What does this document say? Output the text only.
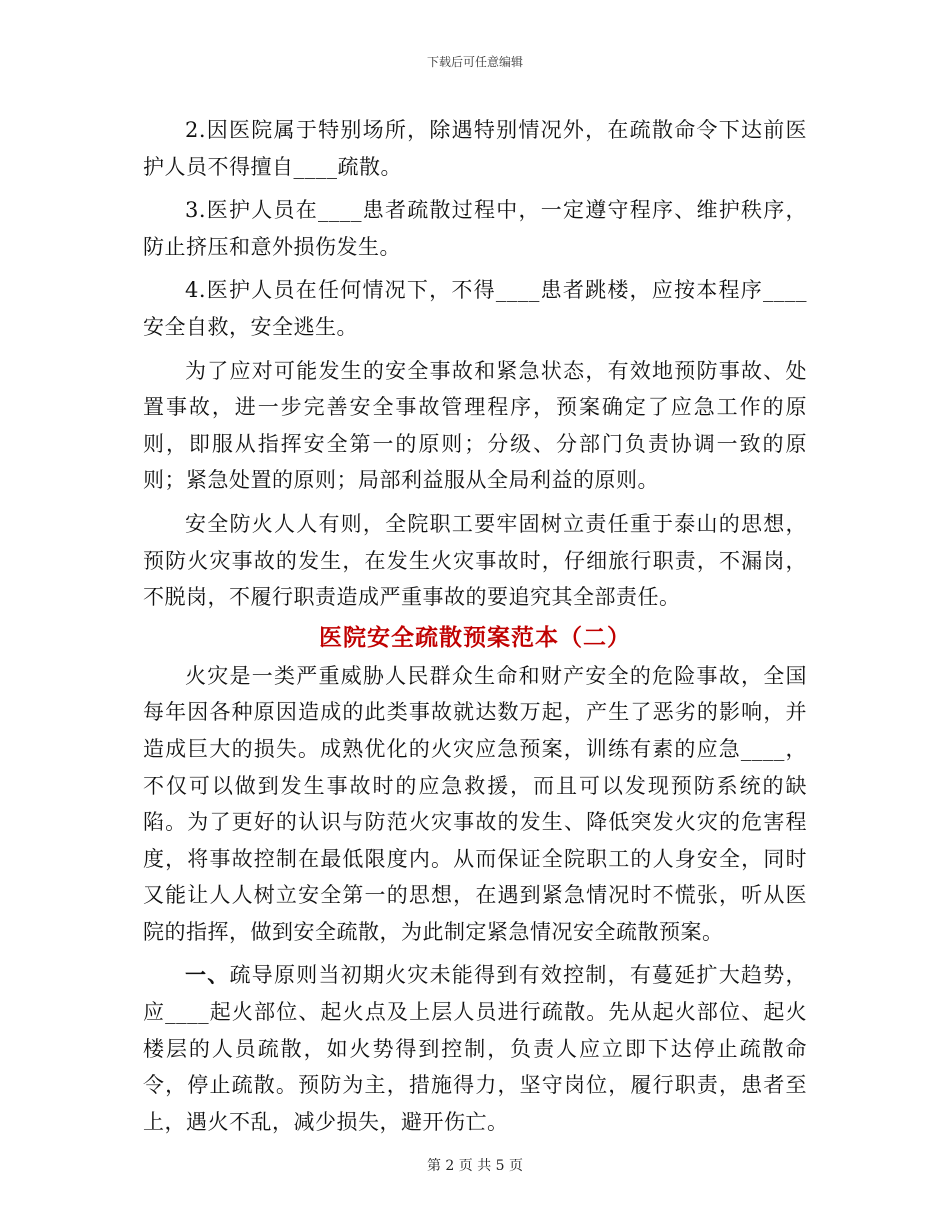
下载后可任意编辑

2.因医院属于特别场所，除遇特别情况外，在疏散命令下达前医护人员不得擅自____疏散。

3.医护人员在____患者疏散过程中，一定遵守程序、维护秩序，防止挤压和意外损伤发生。

4.医护人员在任何情况下，不得____患者跳楼，应按本程序____安全自救，安全逃生。

为了应对可能发生的安全事故和紧急状态，有效地预防事故、处置事故，进一步完善安全事故管理程序，预案确定了应急工作的原则，即服从指挥安全第一的原则；分级、分部门负责协调一致的原则；紧急处置的原则；局部利益服从全局利益的原则。

安全防火人人有则，全院职工要牢固树立责任重于泰山的思想，预防火灾事故的发生，在发生火灾事故时，仔细旅行职责，不漏岗，不脱岗，不履行职责造成严重事故的要追究其全部责任。

医院安全疏散预案范本（二）

火灾是一类严重威胁人民群众生命和财产安全的危险事故，全国每年因各种原因造成的此类事故就达数万起，产生了恶劣的影响，并造成巨大的损失。成熟优化的火灾应急预案，训练有素的应急____，不仅可以做到发生事故时的应急救援，而且可以发现预防系统的缺陷。为了更好的认识与防范火灾事故的发生、降低突发火灾的危害程度，将事故控制在最低限度内。从而保证全院职工的人身安全，同时又能让人人树立安全第一的思想，在遇到紧急情况时不慌张，听从医院的指挥，做到安全疏散，为此制定紧急情况安全疏散预案。

一、疏导原则当初期火灾未能得到有效控制，有蔓延扩大趋势，应____起火部位、起火点及上层人员进行疏散。先从起火部位、起火楼层的人员疏散，如火势得到控制，负责人应立即下达停止疏散命令，停止疏散。预防为主，措施得力，坚守岗位，履行职责，患者至上，遇火不乱，减少损失，避开伤亡。

第 2 页 共 5 页
